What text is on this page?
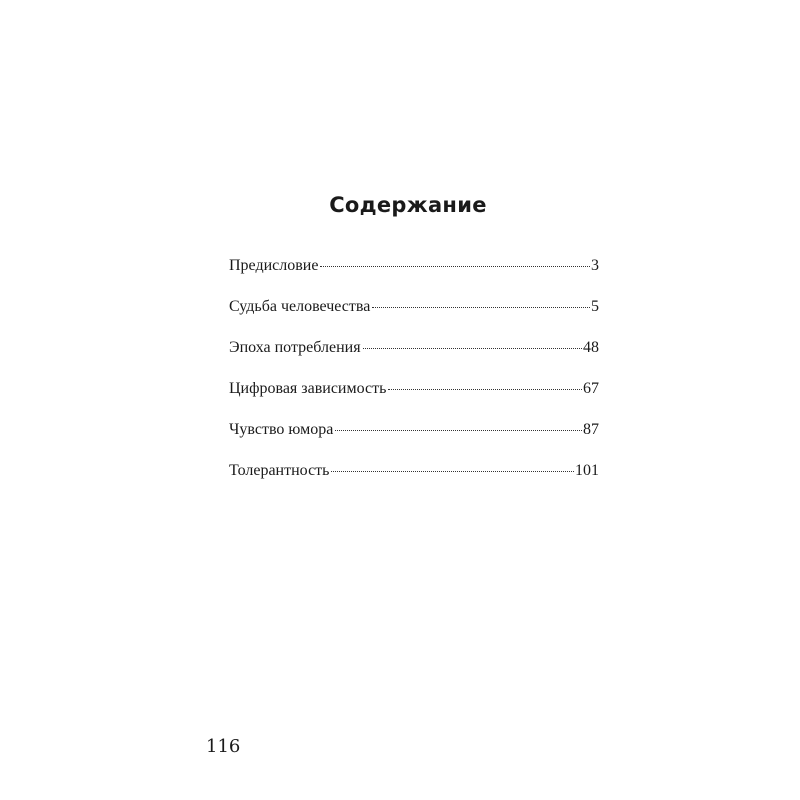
Содержание
Предисловие	3
Судьба человечества	5
Эпоха потребления	48
Цифровая зависимость	67
Чувство юмора	87
Толерантность	101
116
